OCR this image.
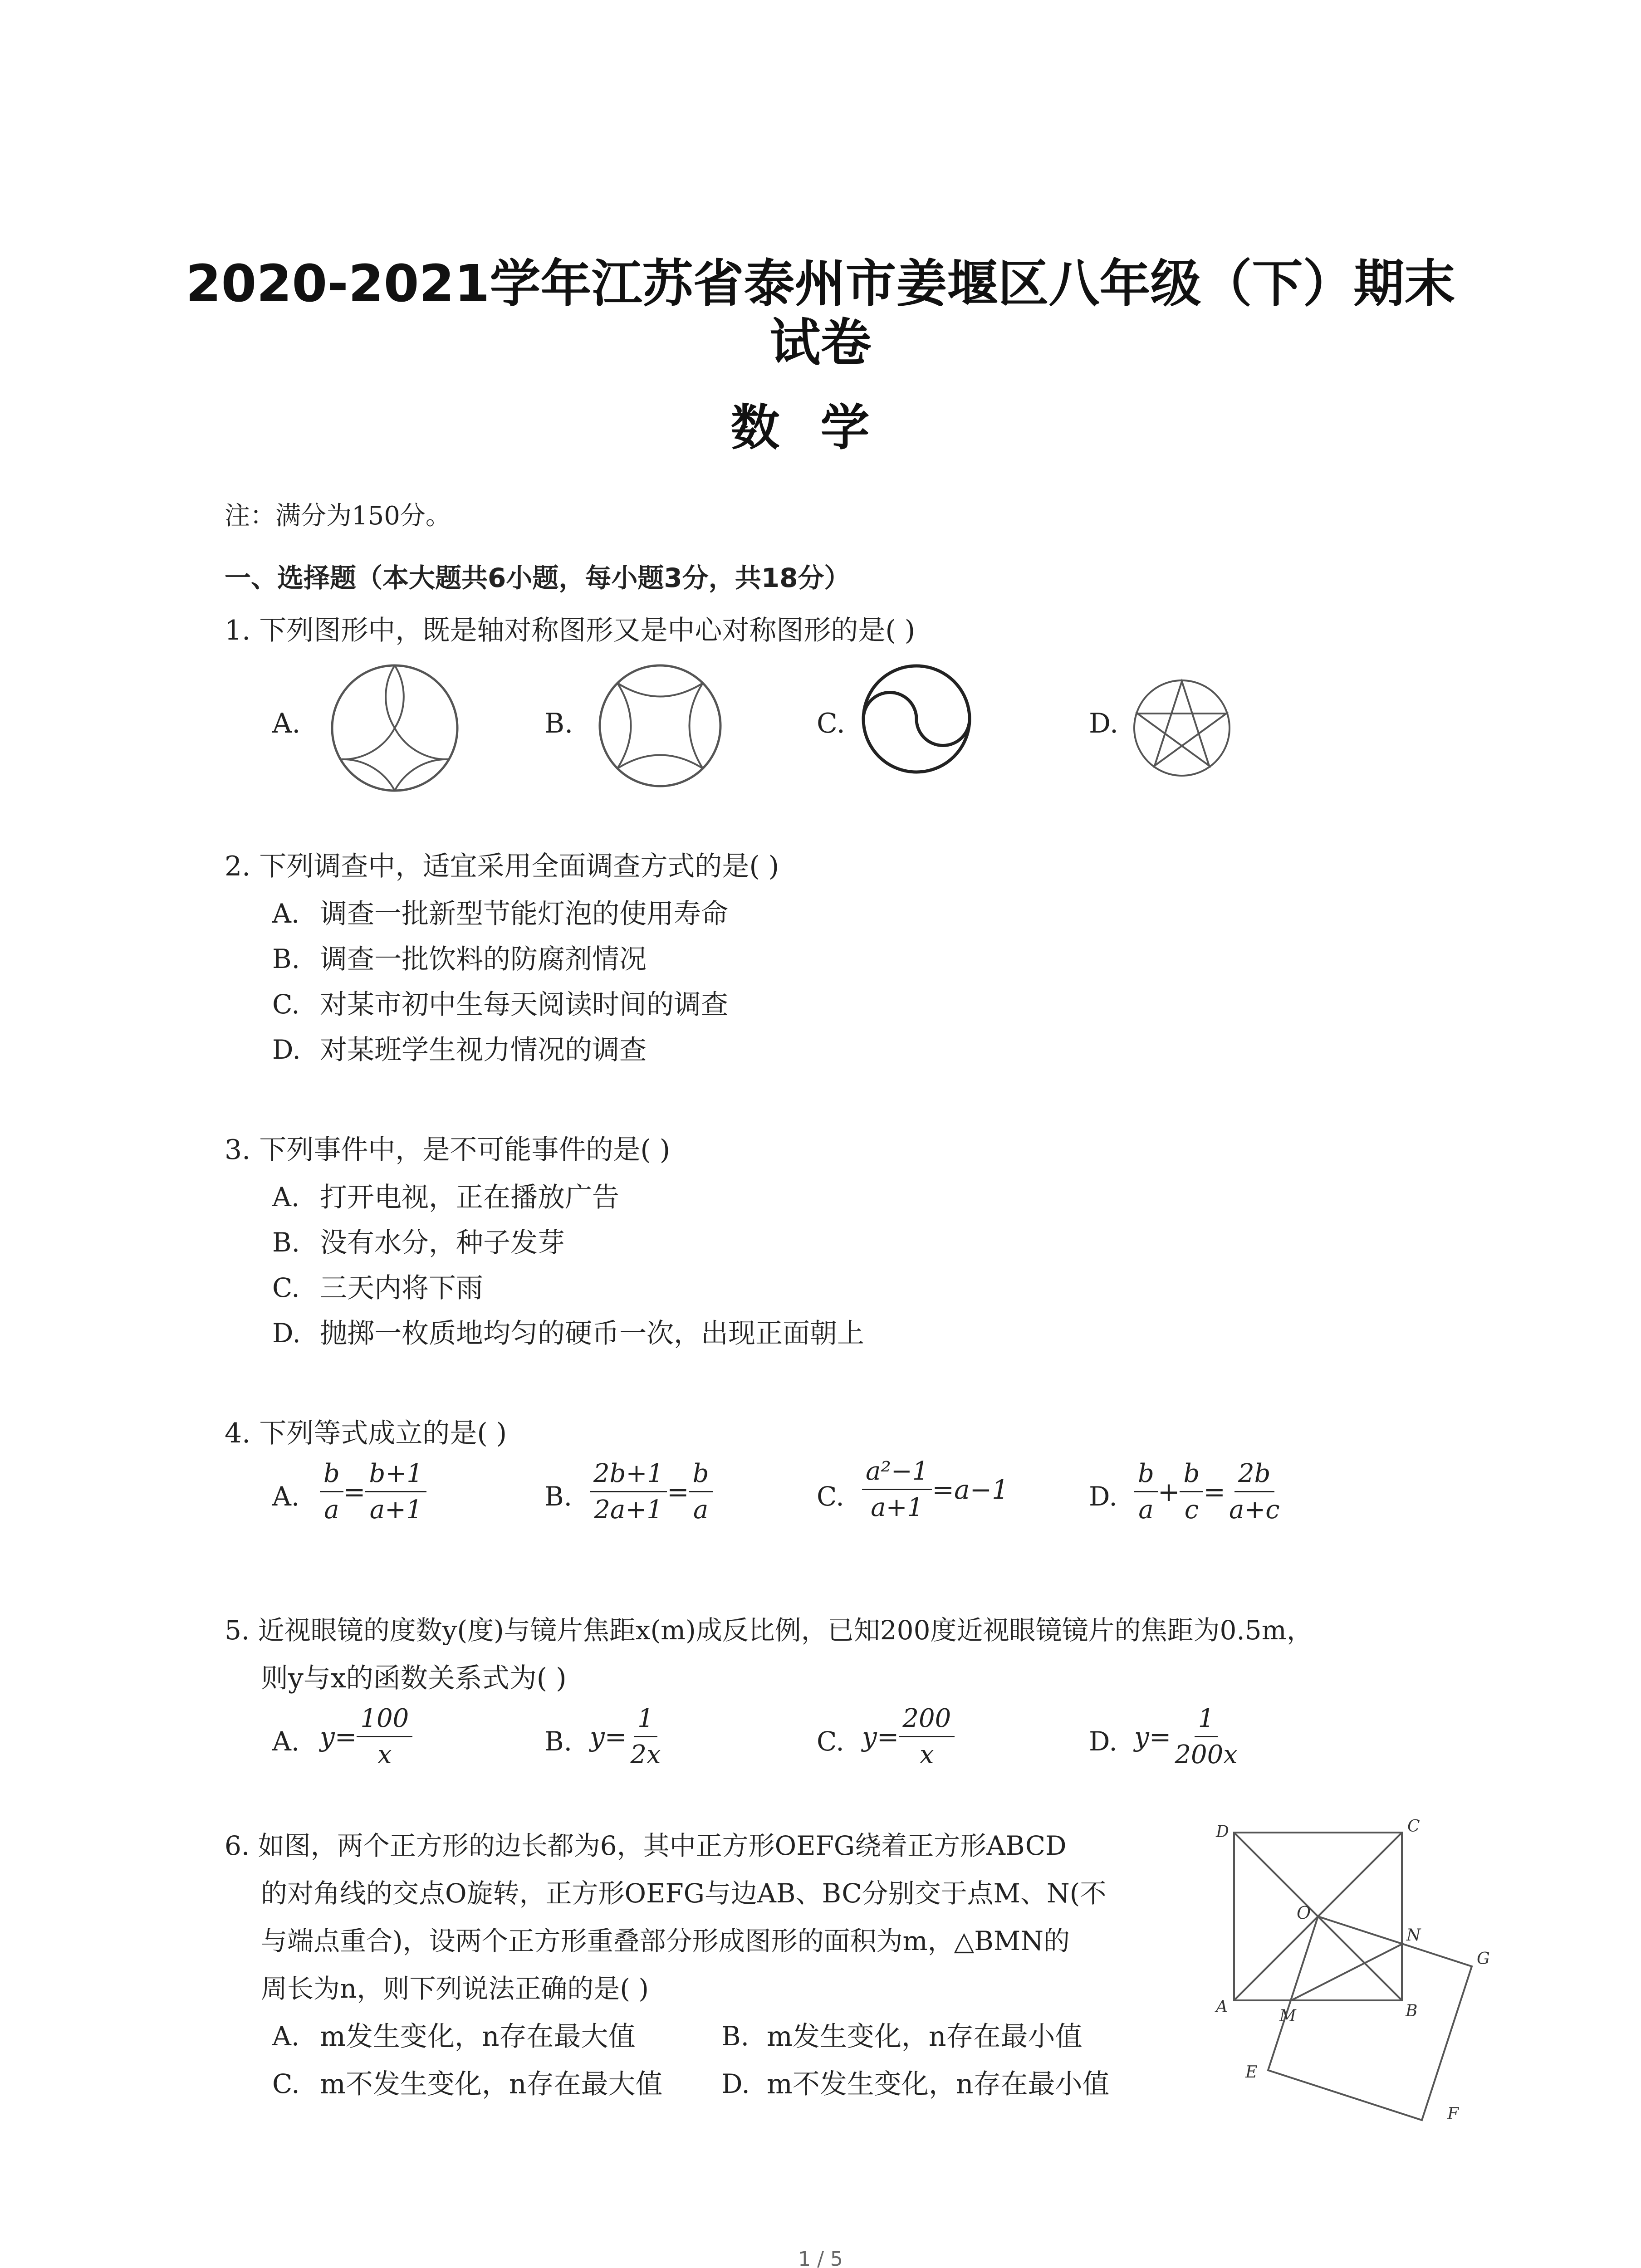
2020-2021学年江苏省泰州市姜堰区八年级（下）期末
试卷
数学
注：满分为150分。
一、选择题（本大题共6小题，每小题3分，共18分）
1. 下列图形中，既是轴对称图形又是中心对称图形的是( )
A.	B.	C.	D.
2. 下列调查中，适宜采用全面调查方式的是( )
A. 调查一批新型节能灯泡的使用寿命
B. 调查一批饮料的防腐剂情况
C. 对某市初中生每天阅读时间的调查
D. 对某班学生视力情况的调查
3. 下列事件中，是不可能事件的是( )
A. 打开电视，正在播放广告
B. 没有水分，种子发芽
C. 三天内将下雨
D. 抛掷一枚质地均匀的硬币一次，出现正面朝上
4. 下列等式成立的是( )
A. $\frac{b}{a} = \frac{b+1}{a+1}$	B. $\frac{2b+1}{2a+1} = \frac{b}{a}$	C. $\frac{\text{a²−1}}{a+1} =a-1$	D. $\frac{b}{a} + \frac{b}{c} = \frac{2b}{a+c}$
5. 近视眼镜的度数y(度)与镜片焦距x(m)成反比例，已知200度近视眼镜镜片的焦距为0.5m，
则y与x的函数关系式为( )
A. $y= \frac{100}{x}$	B. $y= \frac{1}{2x}$	C. $y= \frac{200}{x}$	D. $y= \frac{1}{200x}$
6. 如图，两个正方形的边长都为6，其中正方形OEFG绕着正方形ABCD
的对角线的交点O旋转，正方形OEFG与边AB、BC分别交于点M、N(不
与端点重合)，设两个正方形重叠部分形成图形的面积为m，△BMN的
周长为n，则下列说法正确的是( )
A. m发生变化，n存在最大值	B. m发生变化，n存在最小值
C. m不发生变化，n存在最大值 D. m不发生变化，n存在最小值
D	C
A	B
O
N
M
G
E
F
1 / 5
